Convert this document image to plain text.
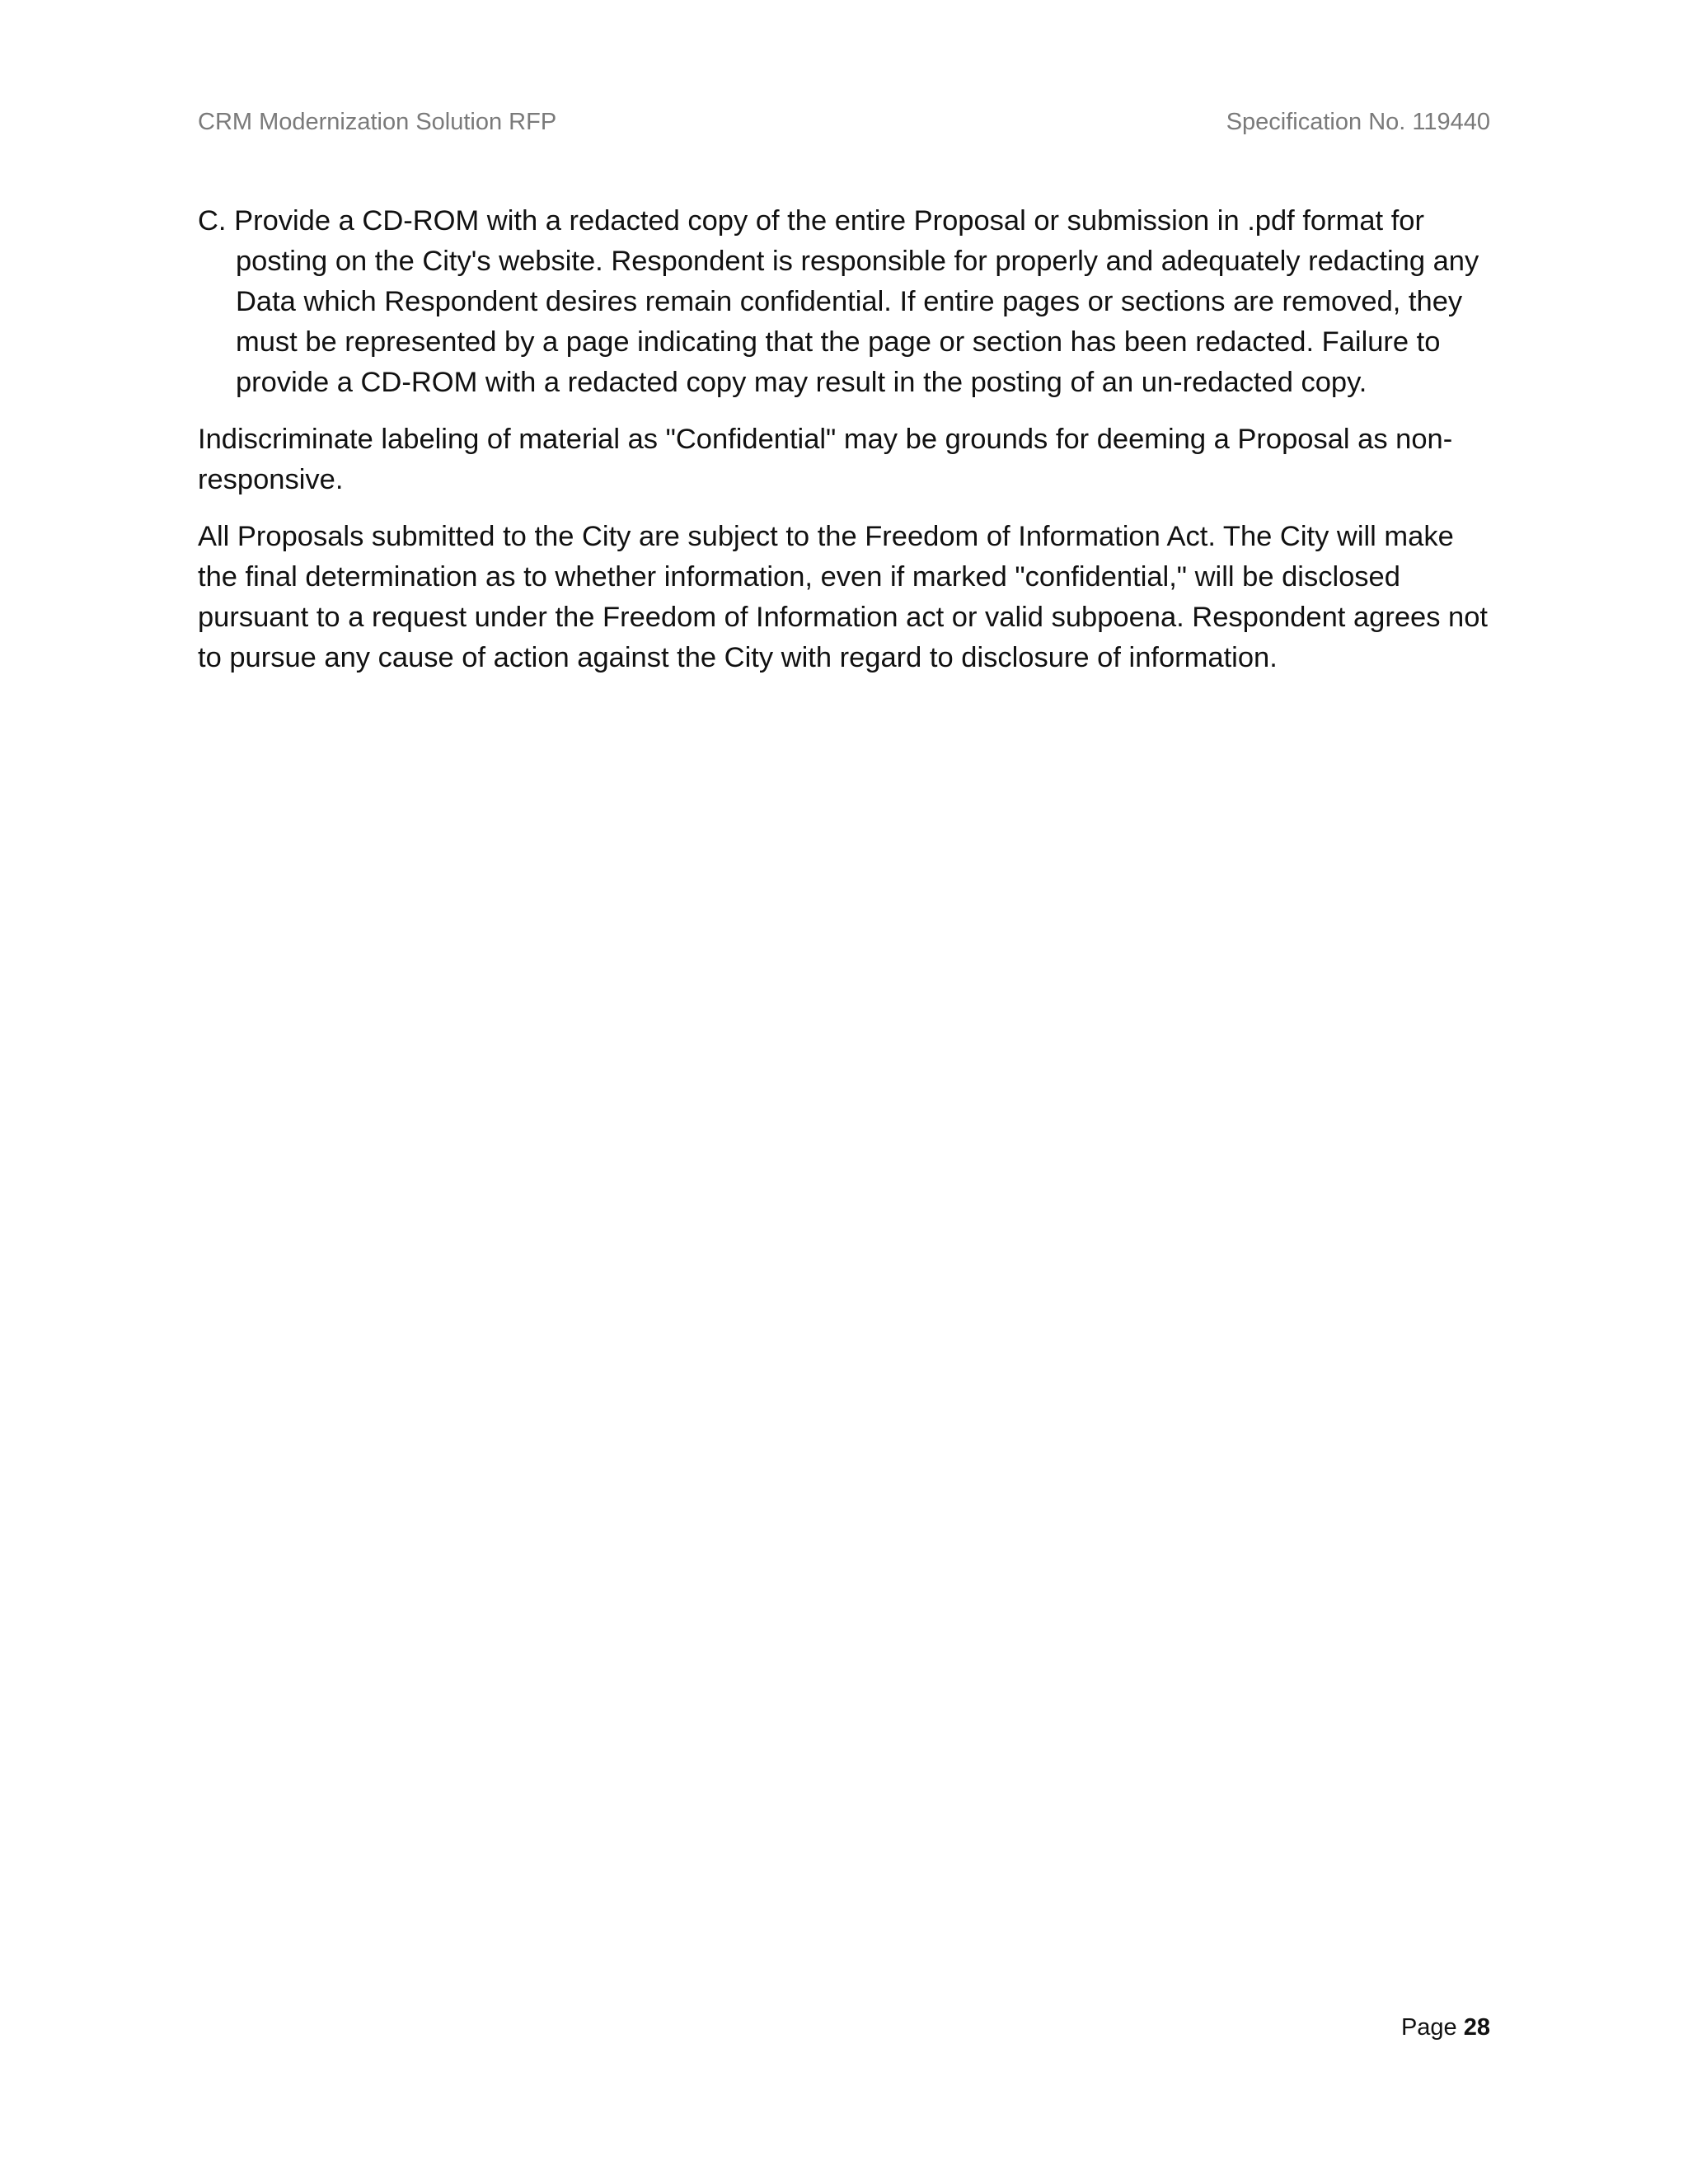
CRM Modernization Solution RFP	Specification No. 119440

C. Provide a CD-ROM with a redacted copy of the entire Proposal or submission in .pdf format for posting on the City's website. Respondent is responsible for properly and adequately redacting any Data which Respondent desires remain confidential. If entire pages or sections are removed, they must be represented by a page indicating that the page or section has been redacted. Failure to provide a CD-ROM with a redacted copy may result in the posting of an un-redacted copy.

Indiscriminate labeling of material as "Confidential" may be grounds for deeming a Proposal as non-responsive.

All Proposals submitted to the City are subject to the Freedom of Information Act. The City will make the final determination as to whether information, even if marked "confidential," will be disclosed pursuant to a request under the Freedom of Information act or valid subpoena. Respondent agrees not to pursue any cause of action against the City with regard to disclosure of information.

Page 28
